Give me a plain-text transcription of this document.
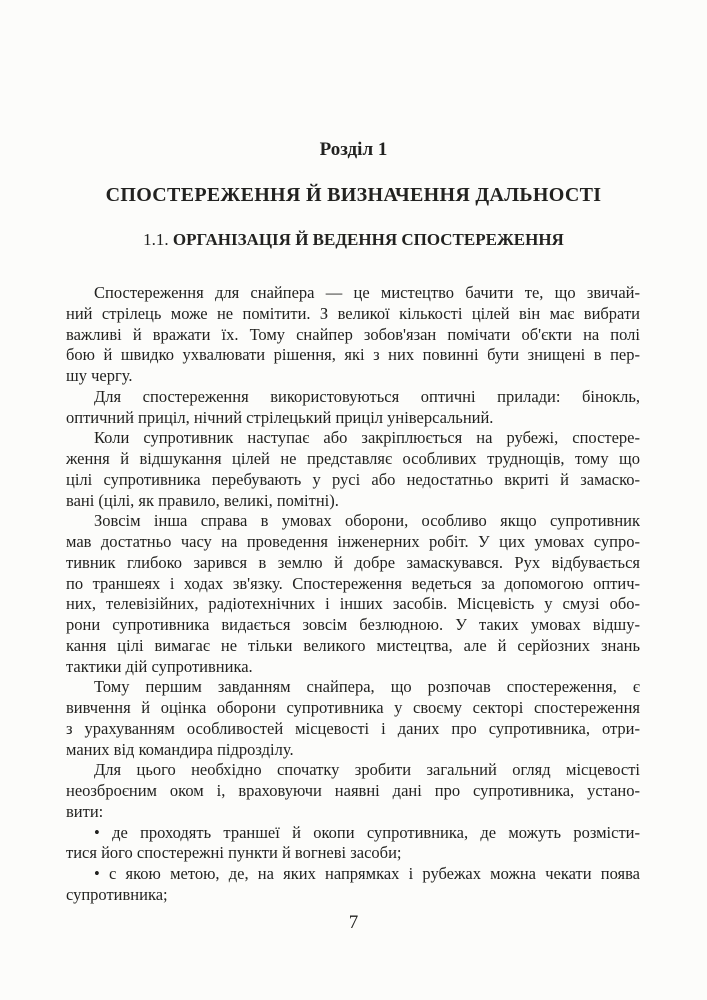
Розділ 1
СПОСТЕРЕЖЕННЯ Й ВИЗНАЧЕННЯ ДАЛЬНОСТІ
1.1. ОРГАНІЗАЦІЯ Й ВЕДЕННЯ СПОСТЕРЕЖЕННЯ
Спостереження для снайпера — це мистецтво бачити те, що звичай-
ний стрілець може не помітити. З великої кількості цілей він має вибрати
важливі й вражати їх. Тому снайпер зобов'язан помічати об'єкти на полі
бою й швидко ухвалювати рішення, які з них повинні бути знищені в пер-
шу чергу.
Для спостереження використовуються оптичні прилади: бінокль,
оптичний приціл, нічний стрілецький приціл універсальний.
Коли супротивник наступає або закріплюється на рубежі, спостере-
ження й відшукання цілей не представляє особливих труднощів, тому що
цілі супротивника перебувають у русі або недостатньо вкриті й замаско-
вані (цілі, як правило, великі, помітні).
Зовсім інша справа в умовах оборони, особливо якщо супротивник
мав достатньо часу на проведення інженерних робіт. У цих умовах супро-
тивник глибоко зарився в землю й добре замаскувався. Рух відбувається
по траншеях і ходах зв'язку. Спостереження ведеться за допомогою оптич-
них, телевізійних, радіотехнічних і інших засобів. Місцевість у смузі обо-
рони супротивника видається зовсім безлюдною. У таких умовах відшу-
кання цілі вимагає не тільки великого мистецтва, але й серйозних знань
тактики дій супротивника.
Тому першим завданням снайпера, що розпочав спостереження, є
вивчення й оцінка оборони супротивника у своєму секторі спостереження
з урахуванням особливостей місцевості і даних про супротивника, отри-
маних від командира підрозділу.
Для цього необхідно спочатку зробити загальний огляд місцевості
неозброєним оком і, враховуючи наявні дані про супротивника, устано-
вити:
• де проходять траншеї й окопи супротивника, де можуть розмісти-
тися його спостережні пункти й вогневі засоби;
• с якою метою, де, на яких напрямках і рубежах можна чекати поява
супротивника;
7
